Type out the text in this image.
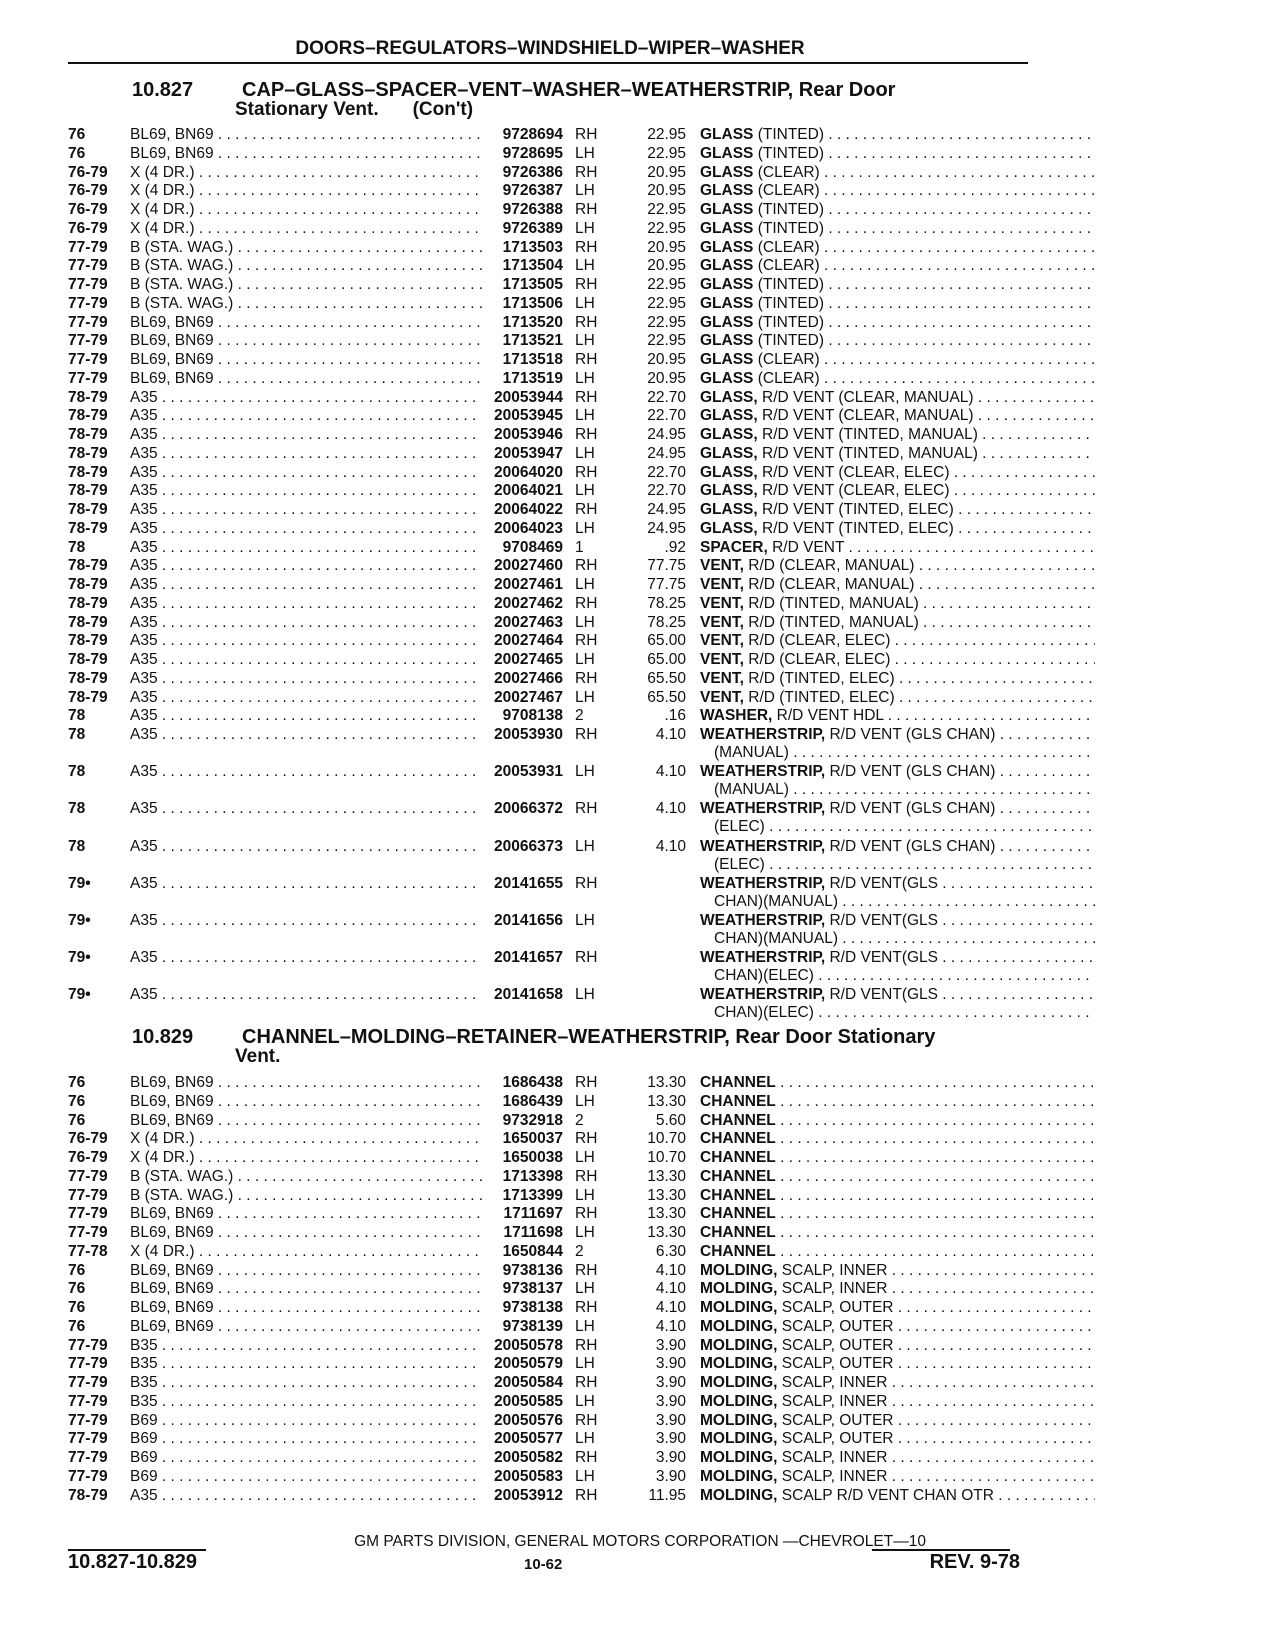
DOORS–REGULATORS–WINDSHIELD–WIPER–WASHER
10.827 CAP–GLASS–SPACER–VENT–WASHER–WEATHERSTRIP, Rear Door
Stationary Vent. (Con't)
76	BL69, BN69 . . .	9728694 RH	22.95 GLASS (TINTED) . . .
76	BL69, BN69 . . .	9728695 LH	22.95 GLASS (TINTED) . . .
76-79 X (4 DR.) . . .	9726386 RH	20.95 GLASS (CLEAR) . . .
76-79 X (4 DR.) . . .	9726387 LH	20.95 GLASS (CLEAR) . . .
76-79 X (4 DR.) . . .	9726388 RH	22.95 GLASS (TINTED) . . .
76-79 X (4 DR.) . . .	9726389 LH	22.95 GLASS (TINTED) . . .
77-79 B (STA. WAG.) . . .	1713503 RH	20.95 GLASS (CLEAR) . . .
77-79 B (STA. WAG.) . . .	1713504 LH	20.95 GLASS (CLEAR) . . .
77-79 B (STA. WAG.) . . .	1713505 RH	22.95 GLASS (TINTED) . . .
77-79 B (STA. WAG.) . . .	1713506 LH	22.95 GLASS (TINTED) . . .
77-79 BL69, BN69 . . .	1713520 RH	22.95 GLASS (TINTED) . . .
77-79 BL69, BN69 . . .	1713521 LH	22.95 GLASS (TINTED) . . .
77-79 BL69, BN69 . . .	1713518 RH	20.95 GLASS (CLEAR) . . .
77-79 BL69, BN69 . . .	1713519 LH	20.95 GLASS (CLEAR) . . .
78-79 A35 . . .	20053944 RH	22.70 GLASS, R/D VENT (CLEAR, MANUAL) . . .
78-79 A35 . . .	20053945 LH	22.70 GLASS, R/D VENT (CLEAR, MANUAL) . . .
78-79 A35 . . .	20053946 RH	24.95 GLASS, R/D VENT (TINTED, MANUAL) . . .
78-79 A35 . . .	20053947 LH	24.95 GLASS, R/D VENT (TINTED, MANUAL) . . .
78-79 A35 . . .	20064020 RH	22.70 GLASS, R/D VENT (CLEAR, ELEC) . . .
78-79 A35 . . .	20064021 LH	22.70 GLASS, R/D VENT (CLEAR, ELEC) . . .
78-79 A35 . . .	20064022 RH	24.95 GLASS, R/D VENT (TINTED, ELEC) . . .
78-79 A35 . . .	20064023 LH	24.95 GLASS, R/D VENT (TINTED, ELEC) . . .
78	A35 . . .	9708469 1	.92 SPACER, R/D VENT . . .
78-79 A35 . . .	20027460 RH	77.75 VENT, R/D (CLEAR, MANUAL) . . .
78-79 A35 . . .	20027461 LH	77.75 VENT, R/D (CLEAR, MANUAL) . . .
78-79 A35 . . .	20027462 RH	78.25 VENT, R/D (TINTED, MANUAL) . . .
78-79 A35 . . .	20027463 LH	78.25 VENT, R/D (TINTED, MANUAL) . . .
78-79 A35 . . .	20027464 RH	65.00 VENT, R/D (CLEAR, ELEC) . . .
78-79 A35 . . .	20027465 LH	65.00 VENT, R/D (CLEAR, ELEC) . . .
78-79 A35 . . .	20027466 RH	65.50 VENT, R/D (TINTED, ELEC) . . .
78-79 A35 . . .	20027467 LH	65.50 VENT, R/D (TINTED, ELEC) . . .
78	A35 . . .	9708138 2	.16 WASHER, R/D VENT HDL . . .
78	A35 . . .	20053930 RH	4.10 WEATHERSTRIP, R/D VENT (GLS CHAN) . . .
(MANUAL) . . .
78	A35 . . .	20053931 LH	4.10 WEATHERSTRIP, R/D VENT (GLS CHAN) . . .
(MANUAL) . . .
78	A35 . . .	20066372 RH	4.10 WEATHERSTRIP, R/D VENT (GLS CHAN) . . .
(ELEC) . . .
78	A35 . . .	20066373 LH	4.10 WEATHERSTRIP, R/D VENT (GLS CHAN) . . .
(ELEC) . . .
79•	A35 . . .	20141655 RH	WEATHERSTRIP, R/D VENT(GLS . . .
CHAN)(MANUAL) . . .
79•	A35 . . .	20141656 LH	WEATHERSTRIP, R/D VENT(GLS . . .
CHAN)(MANUAL) . . .
79•	A35 . . .	20141657 RH	WEATHERSTRIP, R/D VENT(GLS . . .
CHAN)(ELEC) . . .
79•	A35 . . .	20141658 LH	WEATHERSTRIP, R/D VENT(GLS . . .
CHAN)(ELEC) . . .
10.829 CHANNEL–MOLDING–RETAINER–WEATHERSTRIP, Rear Door Stationary
Vent.
76	BL69, BN69 . . .	1686438 RH	13.30 CHANNEL . . .
76	BL69, BN69 . . .	1686439 LH	13.30 CHANNEL . . .
76	BL69, BN69 . . .	9732918 2	5.60 CHANNEL . . .
76-79 X (4 DR.) . . .	1650037 RH	10.70 CHANNEL . . .
76-79 X (4 DR.) . . .	1650038 LH	10.70 CHANNEL . . .
77-79 B (STA. WAG.) . . .	1713398 RH	13.30 CHANNEL . . .
77-79 B (STA. WAG.) . . .	1713399 LH	13.30 CHANNEL . . .
77-79 BL69, BN69 . . .	1711697 RH	13.30 CHANNEL . . .
77-79 BL69, BN69 . . .	1711698 LH	13.30 CHANNEL . . .
77-78 X (4 DR.) . . .	1650844 2	6.30 CHANNEL . . .
76	BL69, BN69 . . .	9738136 RH	4.10 MOLDING, SCALP, INNER . . .
76	BL69, BN69 . . .	9738137 LH	4.10 MOLDING, SCALP, INNER . . .
76	BL69, BN69 . . .	9738138 RH	4.10 MOLDING, SCALP, OUTER . . .
76	BL69, BN69 . . .	9738139 LH	4.10 MOLDING, SCALP, OUTER . . .
77-79 B35 . . .	20050578 RH	3.90 MOLDING, SCALP, OUTER . . .
77-79 B35 . . .	20050579 LH	3.90 MOLDING, SCALP, OUTER . . .
77-79 B35 . . .	20050584 RH	3.90 MOLDING, SCALP, INNER . . .
77-79 B35 . . .	20050585 LH	3.90 MOLDING, SCALP, INNER . . .
77-79 B69 . . .	20050576 RH	3.90 MOLDING, SCALP, OUTER . . .
77-79 B69 . . .	20050577 LH	3.90 MOLDING, SCALP, OUTER . . .
77-79 B69 . . .	20050582 RH	3.90 MOLDING, SCALP, INNER . . .
77-79 B69 . . .	20050583 LH	3.90 MOLDING, SCALP, INNER . . .
78-79 A35 . . .	20053912 RH	11.95 MOLDING, SCALP R/D VENT CHAN OTR . . .
GM PARTS DIVISION, GENERAL MOTORS CORPORATION —CHEVROLET—10
10.827-10.829	10-62	REV. 9-78
